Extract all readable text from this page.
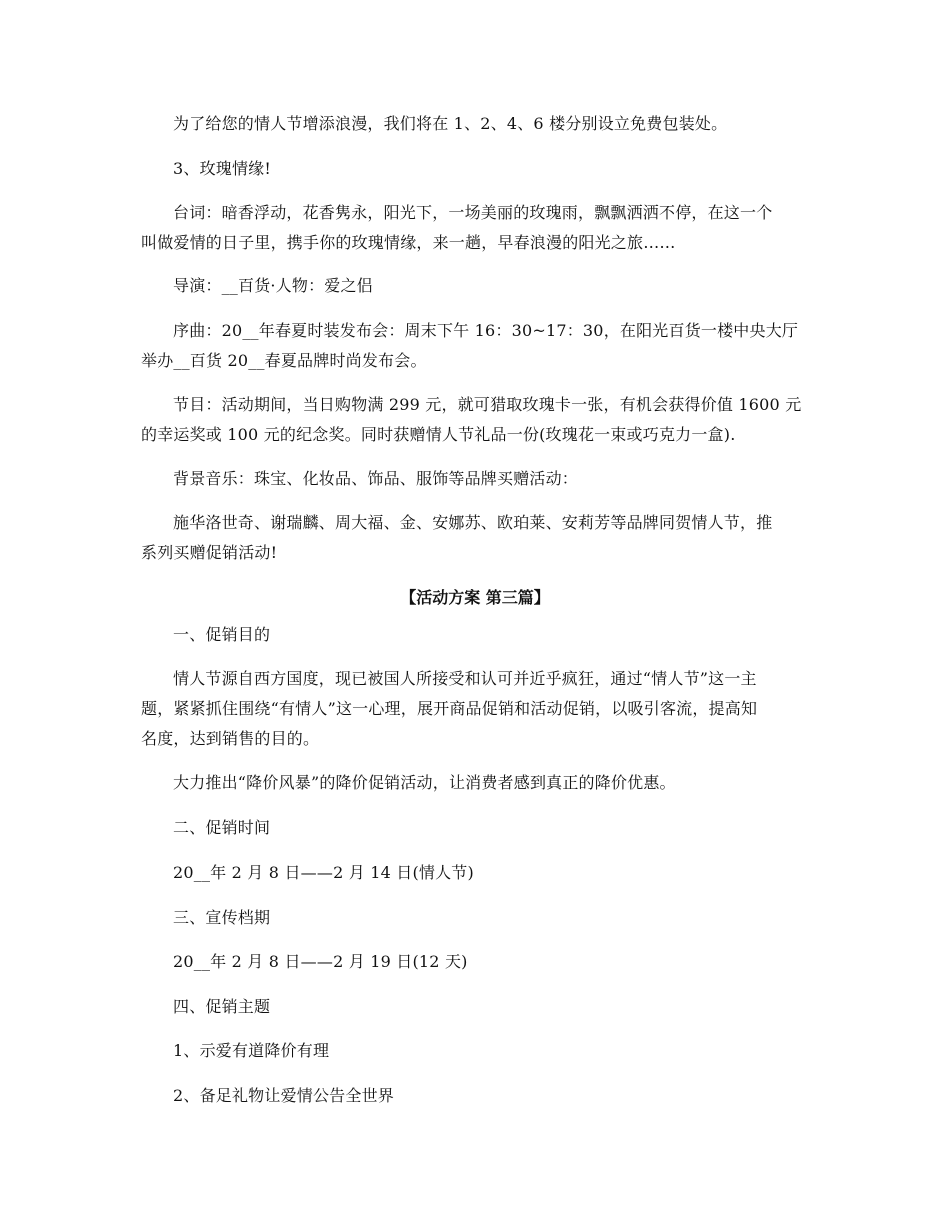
为了给您的情人节增添浪漫，我们将在 1、2、4、6 楼分别设立免费包装处。

3、玫瑰情缘!

台词：暗香浮动，花香隽永，阳光下，一场美丽的玫瑰雨，飘飘洒洒不停，在这一个
叫做爱情的日子里，携手你的玫瑰情缘，来一趟，早春浪漫的阳光之旅……

导演：__百货·人物：爱之侣

序曲：20__年春夏时装发布会：周末下午 16：30~17：30，在阳光百货一楼中央大厅
举办__百货 20__春夏品牌时尚发布会。

节目：活动期间，当日购物满 299 元，就可猎取玫瑰卡一张，有机会获得价值 1600 元
的幸运奖或 100 元的纪念奖。同时获赠情人节礼品一份(玫瑰花一束或巧克力一盒).

背景音乐：珠宝、化妆品、饰品、服饰等品牌买赠活动：

施华洛世奇、谢瑞麟、周大福、金、安娜苏、欧珀莱、安莉芳等品牌同贺情人节，推
系列买赠促销活动!

【活动方案 第三篇】

一、促销目的

情人节源自西方国度，现已被国人所接受和认可并近乎疯狂，通过“情人节”这一主
题，紧紧抓住围绕“有情人”这一心理，展开商品促销和活动促销，以吸引客流，提高知
名度，达到销售的目的。

大力推出“降价风暴”的降价促销活动，让消费者感到真正的降价优惠。

二、促销时间

20__年 2 月 8 日——2 月 14 日(情人节)

三、宣传档期

20__年 2 月 8 日——2 月 19 日(12 天)

四、促销主题

1、示爱有道降价有理

2、备足礼物让爱情公告全世界
